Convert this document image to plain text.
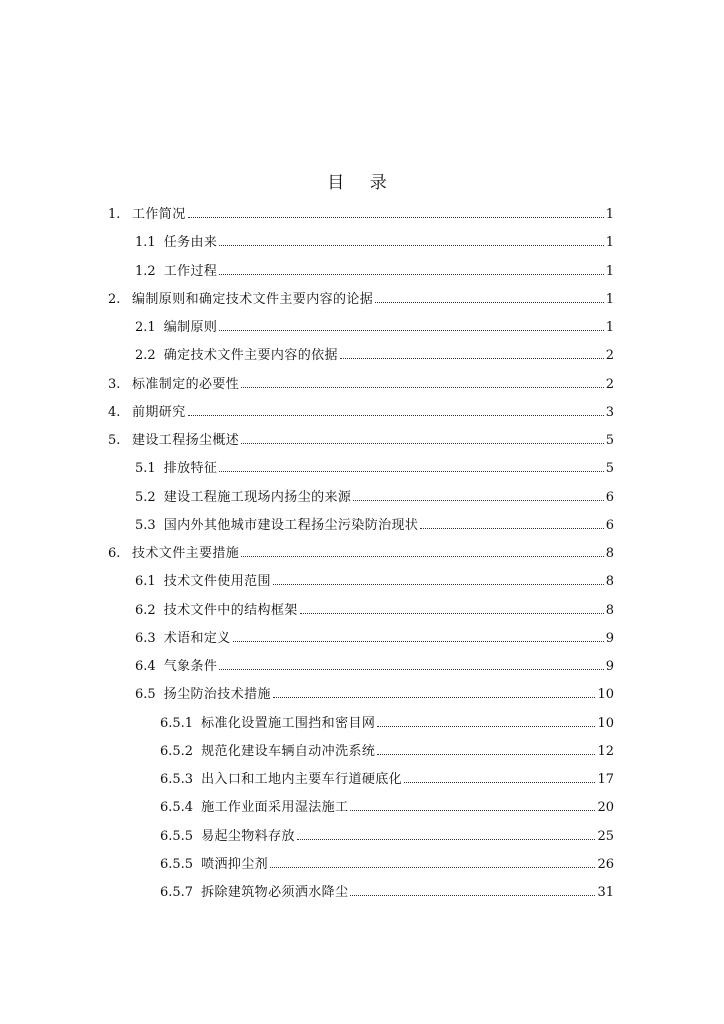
目 录
1. 工作简况	1
1.1 任务由来	1
1.2 工作过程	1
2. 编制原则和确定技术文件主要内容的论据	1
2.1 编制原则	1
2.2 确定技术文件主要内容的依据	2
3. 标准制定的必要性	2
4. 前期研究	3
5. 建设工程扬尘概述	5
5.1 排放特征	5
5.2 建设工程施工现场内扬尘的来源	6
5.3 国内外其他城市建设工程扬尘污染防治现状	6
6. 技术文件主要措施	8
6.1 技术文件使用范围	8
6.2 技术文件中的结构框架	8
6.3 术语和定义	9
6.4 气象条件	9
6.5 扬尘防治技术措施	10
6.5.1 标准化设置施工围挡和密目网	10
6.5.2 规范化建设车辆自动冲洗系统	12
6.5.3 出入口和工地内主要车行道硬底化	17
6.5.4 施工作业面采用湿法施工	20
6.5.5 易起尘物料存放	25
6.5.5 喷洒抑尘剂	26
6.5.7 拆除建筑物必须洒水降尘	31
